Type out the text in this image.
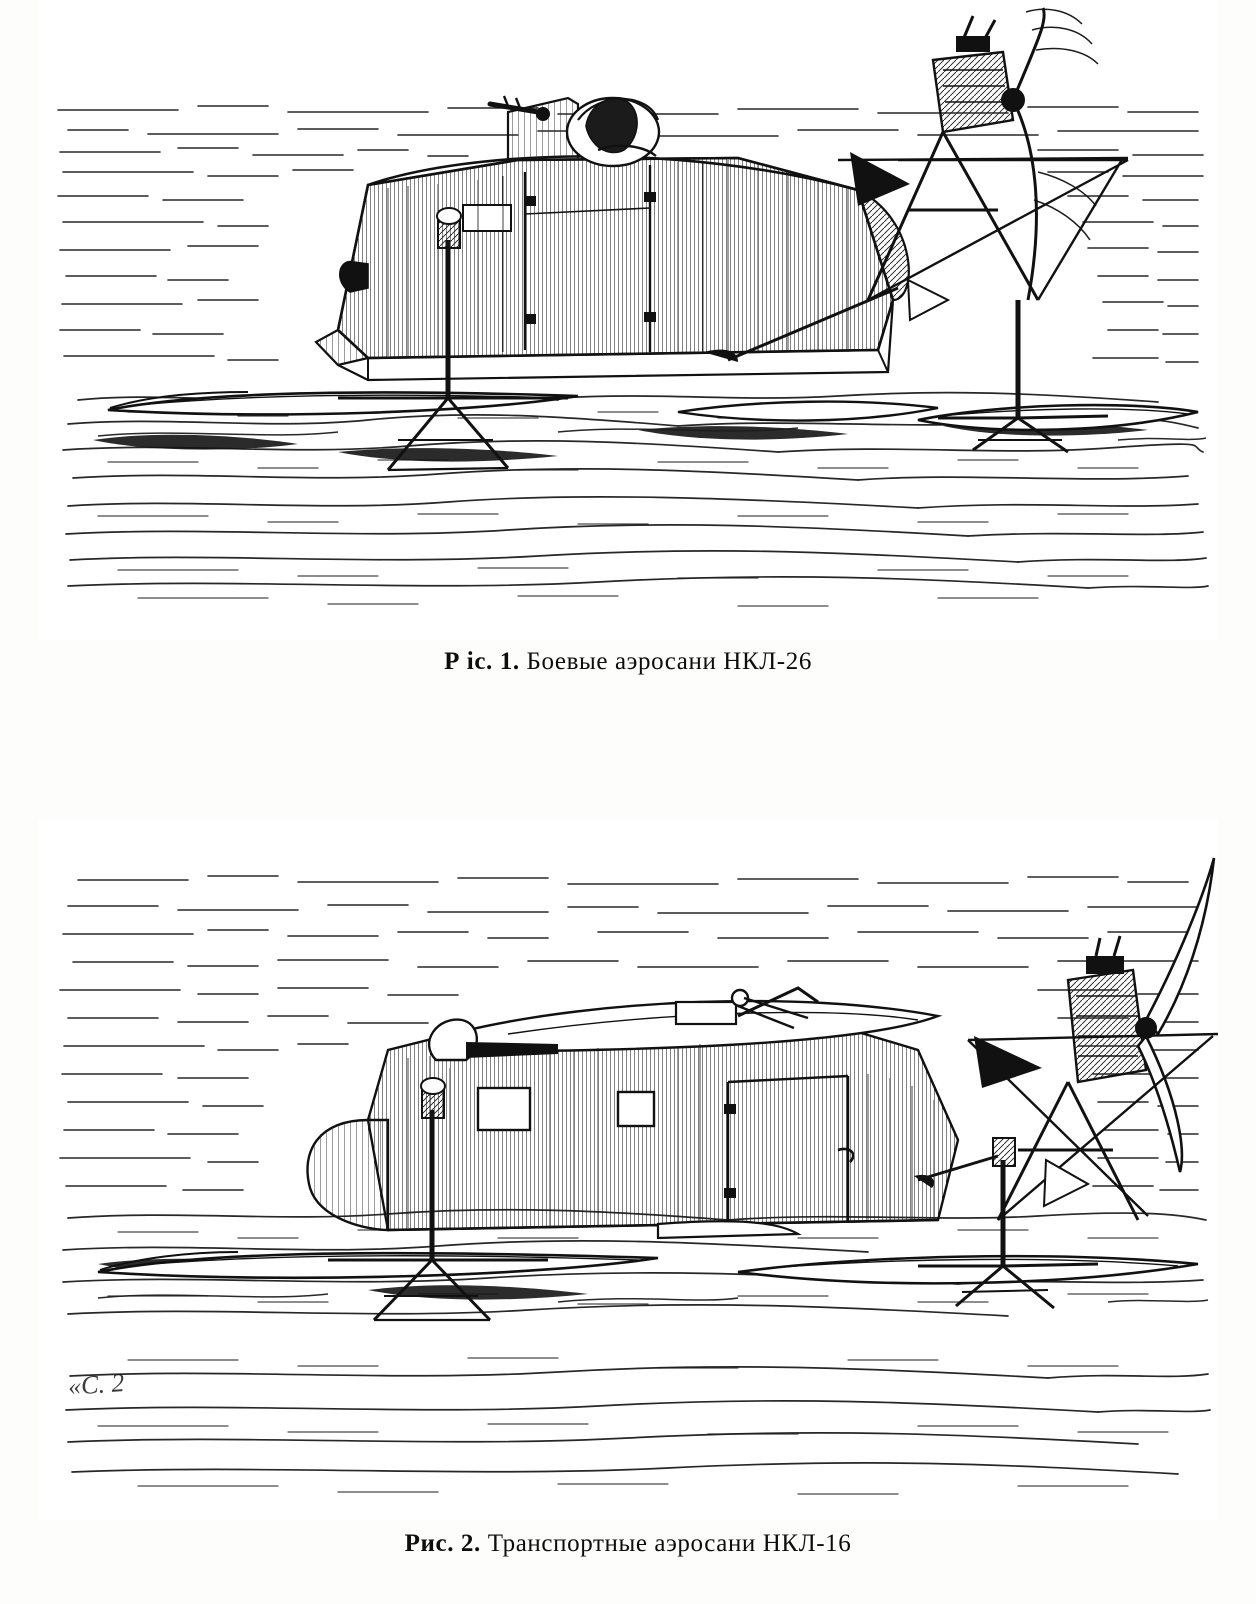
Р іс. 1. Боевые аэросани НКЛ-26
«С. 2
Рис. 2. Транспортные аэросани НКЛ-16
